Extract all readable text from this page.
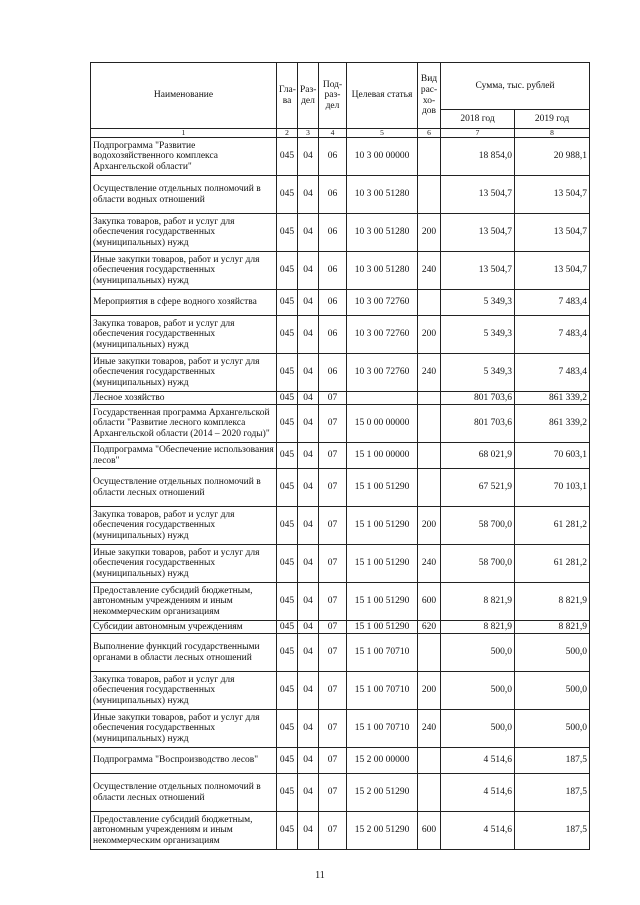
Наименование	Гла-ва	Раз-дел	Под-раз-дел	Целевая статья	Вид рас-хо-дов	Сумма, тыс. рублей	
						2018 год	2019 год
1	2	3	4	5	6	7	8
Подпрограмма "Развитие водохозяйственного комплекса Архангельской области"	045	04	06	10 3 00 00000		18 854,0	20 988,1
Осуществление отдельных полномочий в области водных отношений	045	04	06	10 3 00 51280		13 504,7	13 504,7
Закупка товаров, работ и услуг для обеспечения государственных (муниципальных) нужд	045	04	06	10 3 00 51280	200	13 504,7	13 504,7
Иные закупки товаров, работ и услуг для обеспечения государственных (муниципальных) нужд	045	04	06	10 3 00 51280	240	13 504,7	13 504,7
Мероприятия в сфере водного хозяйства	045	04	06	10 3 00 72760		5 349,3	7 483,4
Закупка товаров, работ и услуг для обеспечения государственных (муниципальных) нужд	045	04	06	10 3 00 72760	200	5 349,3	7 483,4
Иные закупки товаров, работ и услуг для обеспечения государственных (муниципальных) нужд	045	04	06	10 3 00 72760	240	5 349,3	7 483,4
Лесное хозяйство	045	04	07			801 703,6	861 339,2
Государственная программа Архангельской области "Развитие лесного комплекса Архангельской области (2014 – 2020 годы)"	045	04	07	15 0 00 00000		801 703,6	861 339,2
Подпрограмма "Обеспечение использования лесов"	045	04	07	15 1 00 00000		68 021,9	70 603,1
Осуществление отдельных полномочий в области лесных отношений	045	04	07	15 1 00 51290		67 521,9	70 103,1
Закупка товаров, работ и услуг для обеспечения государственных (муниципальных) нужд	045	04	07	15 1 00 51290	200	58 700,0	61 281,2
Иные закупки товаров, работ и услуг для обеспечения государственных (муниципальных) нужд	045	04	07	15 1 00 51290	240	58 700,0	61 281,2
Предоставление субсидий бюджетным, автономным учреждениям и иным некоммерческим организациям	045	04	07	15 1 00 51290	600	8 821,9	8 821,9
Субсидии автономным учреждениям	045	04	07	15 1 00 51290	620	8 821,9	8 821,9
Выполнение функций государственными органами в области лесных отношений	045	04	07	15 1 00 70710		500,0	500,0
Закупка товаров, работ и услуг для обеспечения государственных (муниципальных) нужд	045	04	07	15 1 00 70710	200	500,0	500,0
Иные закупки товаров, работ и услуг для обеспечения государственных (муниципальных) нужд	045	04	07	15 1 00 70710	240	500,0	500,0
Подпрограмма "Воспроизводство лесов"	045	04	07	15 2 00 00000		4 514,6	187,5
Осуществление отдельных полномочий в области лесных отношений	045	04	07	15 2 00 51290		4 514,6	187,5
Предоставление субсидий бюджетным, автономным учреждениям и иным некоммерческим организациям	045	04	07	15 2 00 51290	600	4 514,6	187,5
11
